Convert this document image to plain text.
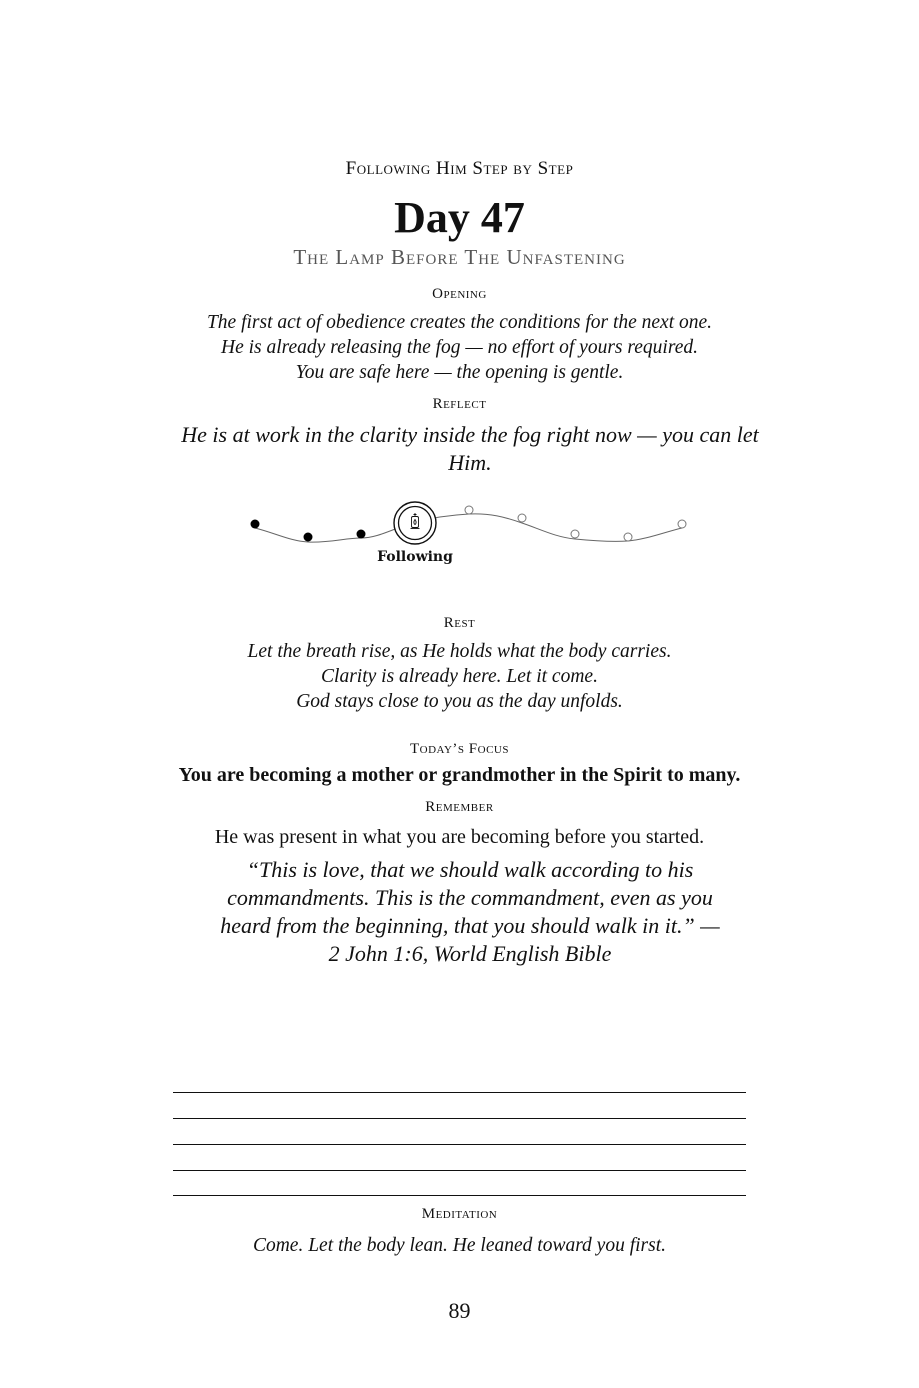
Following Him Step by Step
Day 47
The Lamp Before The Unfastening
Opening
The first act of obedience creates the conditions for the next one.
He is already releasing the fog — no effort of yours required.
You are safe here — the opening is gentle.
Reflect
He is at work in the clarity inside the fog right now — you can let Him.
Following
Rest
Let the breath rise, as He holds what the body carries.
Clarity is already here. Let it come.
God stays close to you as the day unfolds.
Today’s Focus
You are becoming a mother or grandmother in the Spirit to many.
Remember
He was present in what you are becoming before you started.
“This is love, that we should walk according to his commandments. This is the commandment, even as you heard from the beginning, that you should walk in it.” — 2 John 1:6, World English Bible
Meditation
Come. Let the body lean. He leaned toward you first.
89
